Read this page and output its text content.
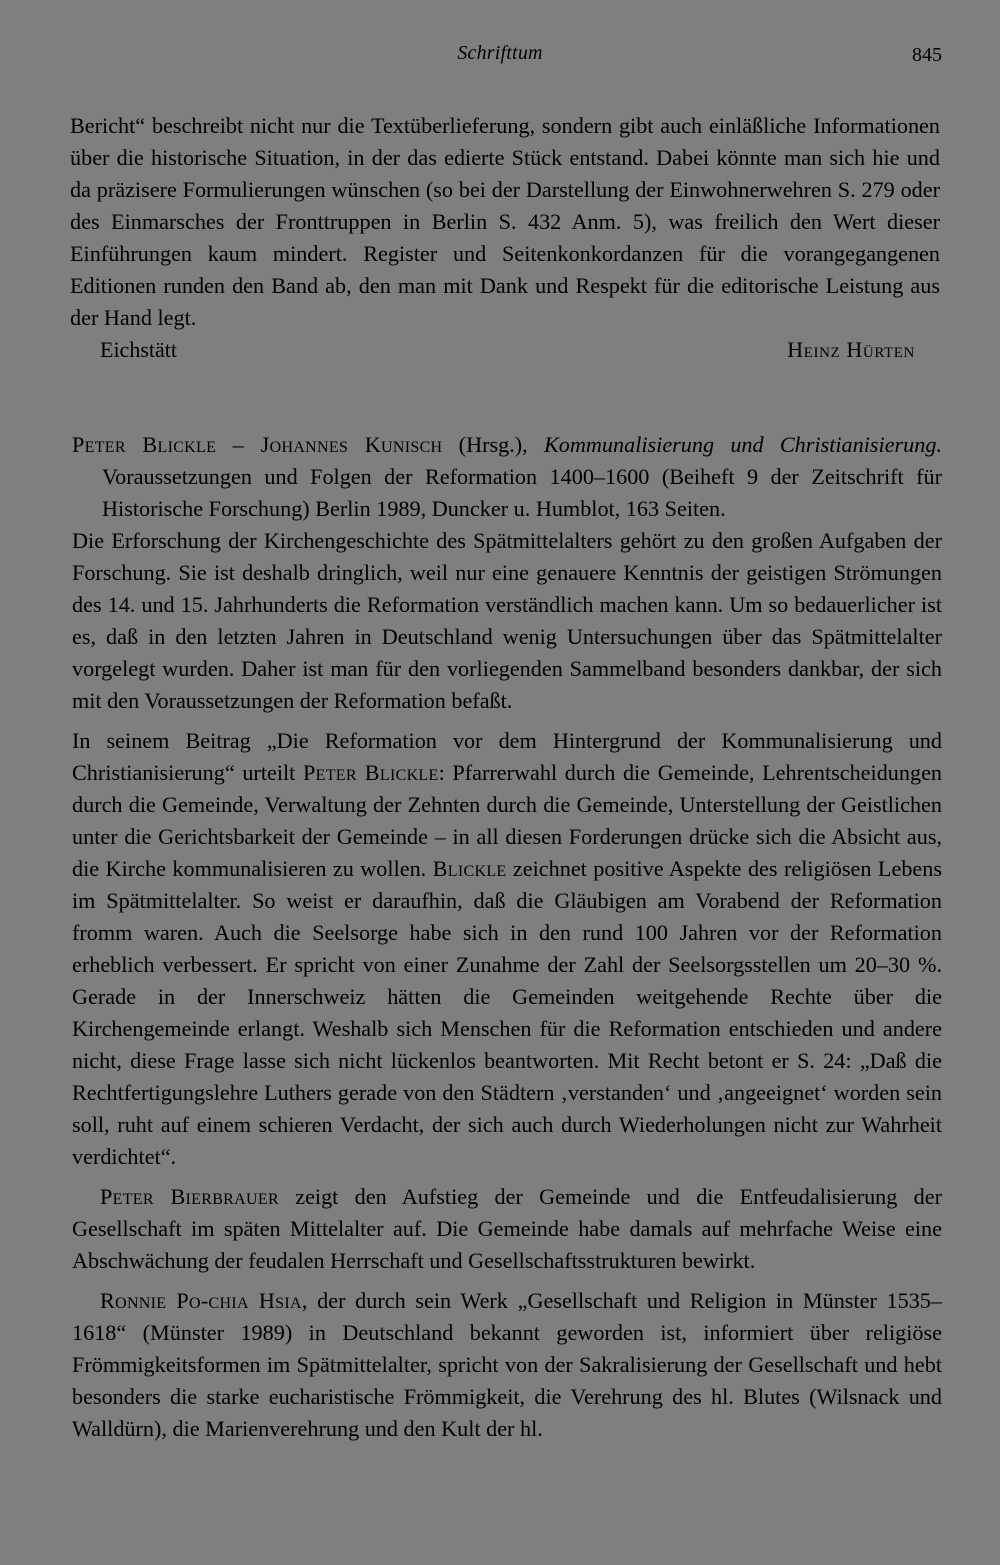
Schrifttum	845

Bericht“ beschreibt nicht nur die Textüberlieferung, sondern gibt auch einläßliche Informationen über die historische Situation, in der das edierte Stück entstand. Dabei könnte man sich hie und da präzisere Formulierungen wünschen (so bei der Darstellung der Einwohnerwehren S. 279 oder des Einmarsches der Fronttruppen in Berlin S. 432 Anm. 5), was freilich den Wert dieser Einführungen kaum mindert. Register und Seitenkonkordanzen für die vorangegangenen Editionen runden den Band ab, den man mit Dank und Respekt für die editorische Leistung aus der Hand legt.

Eichstätt	Heinz Hürten

Peter Blickle – Johannes Kunisch (Hrsg.), Kommunalisierung und Christianisierung.

Voraussetzungen und Folgen der Reformation 1400–1600 (Beiheft 9 der Zeitschrift für Historische Forschung) Berlin 1989, Duncker u. Humblot, 163 Seiten.

Die Erforschung der Kirchengeschichte des Spätmittelalters gehört zu den großen Aufgaben der Forschung. Sie ist deshalb dringlich, weil nur eine genauere Kenntnis der geistigen Strömungen des 14. und 15. Jahrhunderts die Reformation verständlich machen kann. Um so bedauerlicher ist es, daß in den letzten Jahren in Deutschland wenig Untersuchungen über das Spätmittelalter vorgelegt wurden. Daher ist man für den vorliegenden Sammelband besonders dankbar, der sich mit den Voraussetzungen der Reformation befaßt.

In seinem Beitrag „Die Reformation vor dem Hintergrund der Kommunalisierung und Christianisierung“ urteilt Peter Blickle: Pfarrerwahl durch die Gemeinde, Lehrentscheidungen durch die Gemeinde, Verwaltung der Zehnten durch die Gemeinde, Unterstellung der Geistlichen unter die Gerichtsbarkeit der Gemeinde – in all diesen Forderungen drücke sich die Absicht aus, die Kirche kommunalisieren zu wollen. Blickle zeichnet positive Aspekte des religiösen Lebens im Spätmittelalter. So weist er daraufhin, daß die Gläubigen am Vorabend der Reformation fromm waren. Auch die Seelsorge habe sich in den rund 100 Jahren vor der Reformation erheblich verbessert. Er spricht von einer Zunahme der Zahl der Seelsorgsstellen um 20–30 %. Gerade in der Innerschweiz hätten die Gemeinden weitgehende Rechte über die Kirchengemeinde erlangt. Weshalb sich Menschen für die Reformation entschieden und andere nicht, diese Frage lasse sich nicht lückenlos beantworten. Mit Recht betont er S. 24: „Daß die Rechtfertigungslehre Luthers gerade von den Städtern ‚verstanden‘ und ‚angeeignet‘ worden sein soll, ruht auf einem schieren Verdacht, der sich auch durch Wiederholungen nicht zur Wahrheit verdichtet“.

Peter Bierbrauer zeigt den Aufstieg der Gemeinde und die Entfeudalisierung der Gesellschaft im späten Mittelalter auf. Die Gemeinde habe damals auf mehrfache Weise eine Abschwächung der feudalen Herrschaft und Gesellschaftsstrukturen bewirkt.

Ronnie Po-chia Hsia, der durch sein Werk „Gesellschaft und Religion in Münster 1535–1618“ (Münster 1989) in Deutschland bekannt geworden ist, informiert über religiöse Frömmigkeitsformen im Spätmittelalter, spricht von der Sakralisierung der Gesellschaft und hebt besonders die starke eucharistische Frömmigkeit, die Verehrung des hl. Blutes (Wilsnack und Walldürn), die Marienverehrung und den Kult der hl.
